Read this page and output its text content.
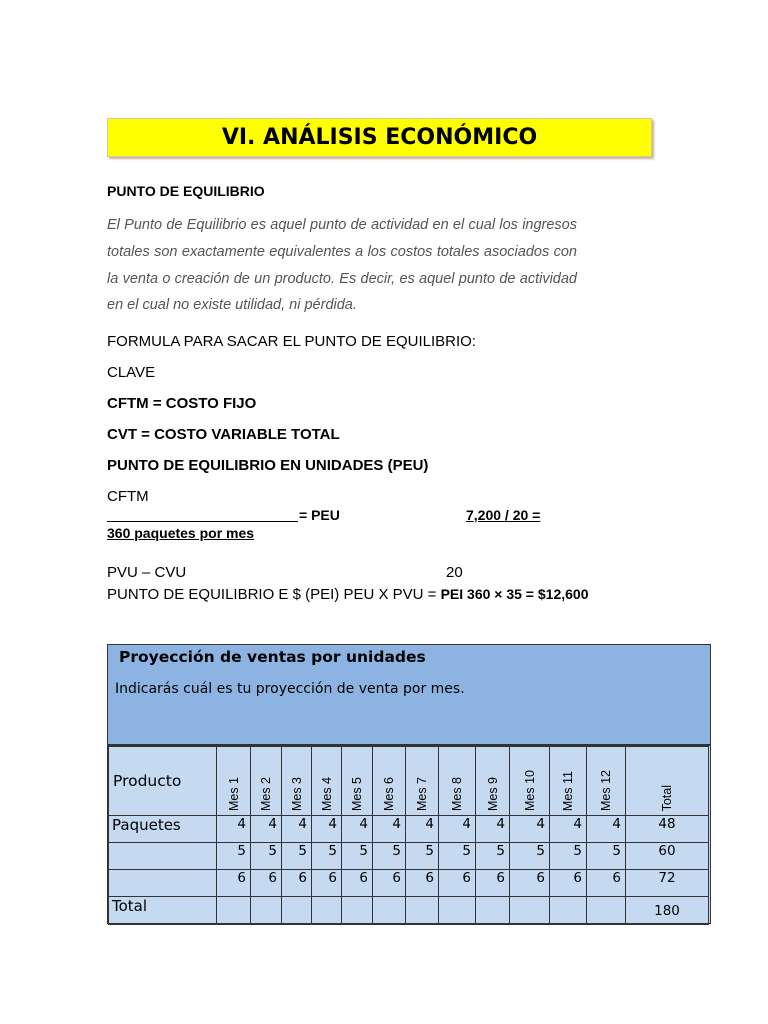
VI. ANÁLISIS ECONÓMICO
PUNTO DE EQUILIBRIO
El Punto de Equilibrio es aquel punto de actividad en el cual los ingresos totales son exactamente equivalentes a los costos totales asociados con la venta o creación de un producto. Es decir, es aquel punto de actividad en el cual no existe utilidad, ni pérdida.
FORMULA PARA SACAR EL PUNTO DE EQUILIBRIO:
CLAVE
CFTM = COSTO FIJO
CVT = COSTO VARIABLE TOTAL
PUNTO DE EQUILIBRIO EN UNIDADES (PEU)
CFTM
= PEU	7,200 / 20 =
360 paquetes por mes
PVU – CVU	20
PUNTO DE EQUILIBRIO E $ (PEI) PEU X PVU = PEI 360 × 35 = $12,600
Proyección de ventas por unidades
Indicarás cuál es tu proyección de venta por mes.
Producto	Mes 1	Mes 2	Mes 3	Mes 4	Mes 5	Mes 6	Mes 7	Mes 8	Mes 9	Mes 10	Mes 11	Mes 12	Total

Paquetes	4	4	4	4	4	4	4	4	4	4	4	4	48
	5	5	5	5	5	5	5	5	5	5	5	5	60
	6	6	6	6	6	6	6	6	6	6	6	6	72
Total													180
